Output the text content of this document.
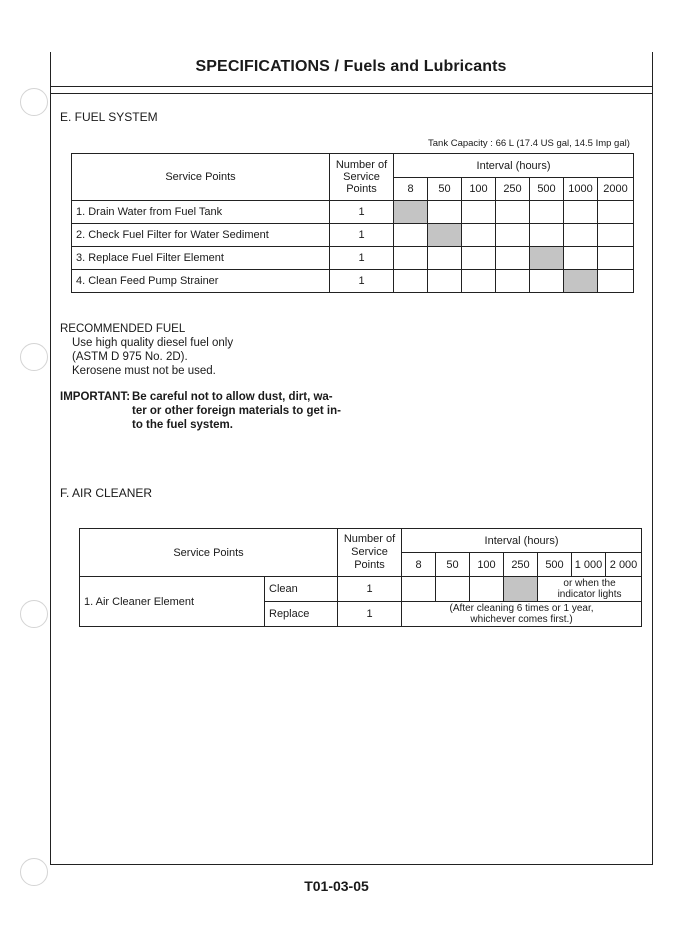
SPECIFICATIONS / Fuels and Lubricants
E. FUEL SYSTEM
Tank Capacity : 66 L (17.4 US gal, 14.5 Imp gal)
Service Points	Number of
Service
Points	Interval (hours)						
		8	50	100	250	500	1000	2000
1. Drain Water from Fuel Tank	1							
2. Check Fuel Filter for Water Sediment	1							
3. Replace Fuel Filter Element	1							
4. Clean Feed Pump Strainer	1							
RECOMMENDED FUEL
Use high quality diesel fuel only
(ASTM D 975 No. 2D).
Kerosene must not be used.
IMPORTANT: Be careful not to allow dust, dirt, wa-
ter or other foreign materials to get in-
to the fuel system.
F. AIR CLEANER
Service Points		Number of
Service
Points	Interval (hours)						
			8	50	100	250	500	1 000	2 000
1. Air Cleaner Element	Clean	1					or when the
indicator lights		

	Replace	1	(After cleaning 6 times or 1 year,
whichever comes first.)						
T01-03-05
